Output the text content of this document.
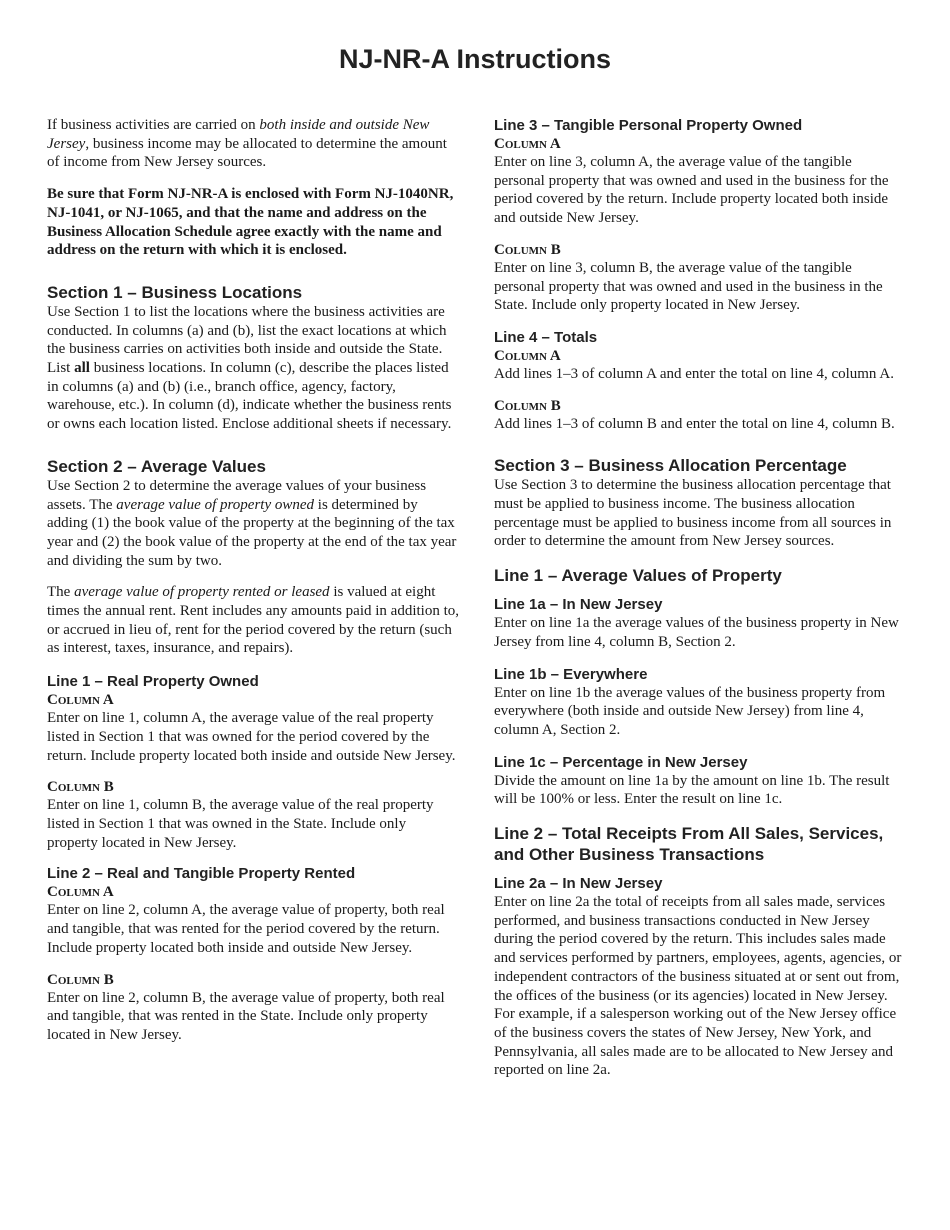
NJ-NR-A Instructions

If business activities are carried on both inside and outside New Jersey, business income may be allocated to determine the amount of income from New Jersey sources.

Be sure that Form NJ-NR-A is enclosed with Form NJ-1040NR, NJ-1041, or NJ-1065, and that the name and address on the Business Allocation Schedule agree exactly with the name and address on the return with which it is enclosed.

Section 1 – Business Locations

Use Section 1 to list the locations where the business activities are conducted. In columns (a) and (b), list the exact locations at which the business carries on activities both inside and outside the State. List all business locations. In column (c), describe the places listed in columns (a) and (b) (i.e., branch office, agency, factory, warehouse, etc.). In column (d), indicate whether the business rents or owns each location listed. Enclose additional sheets if necessary.

Section 2 – Average Values

Use Section 2 to determine the average values of your business assets. The average value of property owned is determined by adding (1) the book value of the property at the beginning of the tax year and (2) the book value of the property at the end of the tax year and dividing the sum by two.

The average value of property rented or leased is valued at eight times the annual rent. Rent includes any amounts paid in addition to, or accrued in lieu of, rent for the period covered by the return (such as interest, taxes, insurance, and repairs).

Line 1 – Real Property Owned

Column A

Enter on line 1, column A, the average value of the real property listed in Section 1 that was owned for the period covered by the return. Include property located both inside and outside New Jersey.

Column B

Enter on line 1, column B, the average value of the real property listed in Section 1 that was owned in the State. Include only property located in New Jersey.

Line 2 – Real and Tangible Property Rented

Column A

Enter on line 2, column A, the average value of property, both real and tangible, that was rented for the period covered by the return. Include property located both inside and outside New Jersey.

Column B

Enter on line 2, column B, the average value of property, both real and tangible, that was rented in the State. Include only property located in New Jersey.

Line 3 – Tangible Personal Property Owned

Column A

Enter on line 3, column A, the average value of the tangible personal property that was owned and used in the business for the period covered by the return. Include property located both inside and outside New Jersey.

Column B

Enter on line 3, column B, the average value of the tangible personal property that was owned and used in the business in the State. Include only property located in New Jersey.

Line 4 – Totals

Column A

Add lines 1–3 of column A and enter the total on line 4, column A.

Column B

Add lines 1–3 of column B and enter the total on line 4, column B.

Section 3 – Business Allocation Percentage

Use Section 3 to determine the business allocation percentage that must be applied to business income. The business allocation percentage must be applied to business income from all sources in order to determine the amount from New Jersey sources.

Line 1 – Average Values of Property
Line 1a – In New Jersey

Enter on line 1a the average values of the business property in New Jersey from line 4, column B, Section 2.

Line 1b – Everywhere

Enter on line 1b the average values of the business property from everywhere (both inside and outside New Jersey) from line 4, column A, Section 2.

Line 1c – Percentage in New Jersey

Divide the amount on line 1a by the amount on line 1b. The result will be 100% or less. Enter the result on line 1c.

Line 2 – Total Receipts From All Sales, Services, and Other Business Transactions
Line 2a – In New Jersey

Enter on line 2a the total of receipts from all sales made, services performed, and business transactions conducted in New Jersey during the period covered by the return. This includes sales made and services performed by partners, employees, agents, agencies, or independent contractors of the business situated at or sent out from, the offices of the business (or its agencies) located in New Jersey. For example, if a salesperson working out of the New Jersey office of the business covers the states of New Jersey, New York, and Pennsylvania, all sales made are to be allocated to New Jersey and reported on line 2a.
